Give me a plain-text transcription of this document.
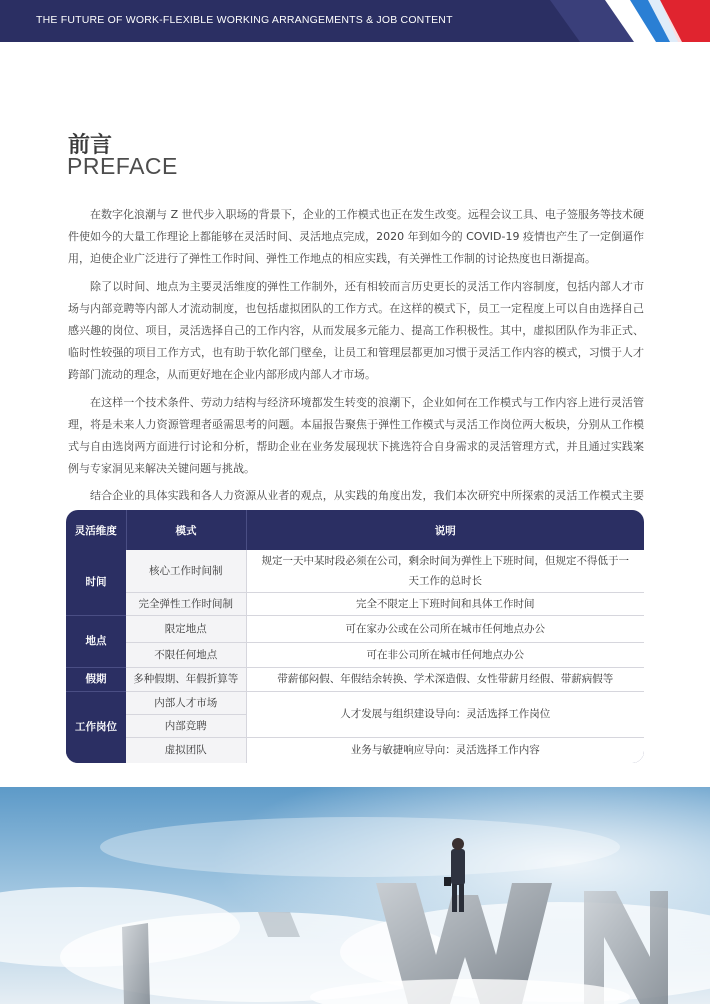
THE FUTURE OF WORK-FLEXIBLE WORKING ARRANGEMENTS & JOB CONTENT
前言
PREFACE

在数字化浪潮与 Z 世代步入职场的背景下，企业的工作模式也正在发生改变。远程会议工具、电子签服务等技术硬件使如今的大量工作理论上都能够在灵活时间、灵活地点完成，2020 年到如今的 COVID-19 疫情也产生了一定倒逼作用，迫使企业广泛进行了弹性工作时间、弹性工作地点的相应实践，有关弹性工作制的讨论热度也日渐提高。

除了以时间、地点为主要灵活维度的弹性工作制外，还有相较而言历史更长的灵活工作内容制度，包括内部人才市场与内部竞聘等内部人才流动制度，也包括虚拟团队的工作方式。在这样的模式下，员工一定程度上可以自由选择自己感兴趣的岗位、项目，灵活选择自己的工作内容，从而发展多元能力、提高工作积极性。其中，虚拟团队作为非正式、临时性较强的项目工作方式，也有助于软化部门壁垒，让员工和管理层都更加习惯于灵活工作内容的模式，习惯于人才跨部门流动的理念，从而更好地在企业内部形成内部人才市场。

在这样一个技术条件、劳动力结构与经济环境都发生转变的浪潮下，企业如何在工作模式与工作内容上进行灵活管理，将是未来人力资源管理者亟需思考的问题。本届报告聚焦于弹性工作模式与灵活工作岗位两大板块，分别从工作模式与自由选岗两方面进行讨论和分析，帮助企业在业务发展现状下挑选符合自身需求的灵活管理方式，并且通过实践案例与专家洞见来解决关键问题与挑战。

结合企业的具体实践和各人力资源从业者的观点，从实践的角度出发，我们本次研究中所探索的灵活工作模式主要

灵活维度	模式	说明
时间	核心工作时间制	规定一天中某时段必须在公司，剩余时间为弹性上下班时间，但规定不得低于一天工作的总时长
	完全弹性工作时间制	完全不限定上下班时间和具体工作时间
地点	限定地点	可在家办公或在公司所在城市任何地点办公
	不限任何地点	可在非公司所在城市任何地点办公
假期	多种假期、年假折算等	带薪郁闷假、年假结余转换、学术深造假、女性带薪月经假、带薪病假等
工作岗位	内部人才市场	人才发展与组织建设导向：灵活选择工作岗位
	内部竞聘	
	虚拟团队	业务与敏捷响应导向：灵活选择工作内容
